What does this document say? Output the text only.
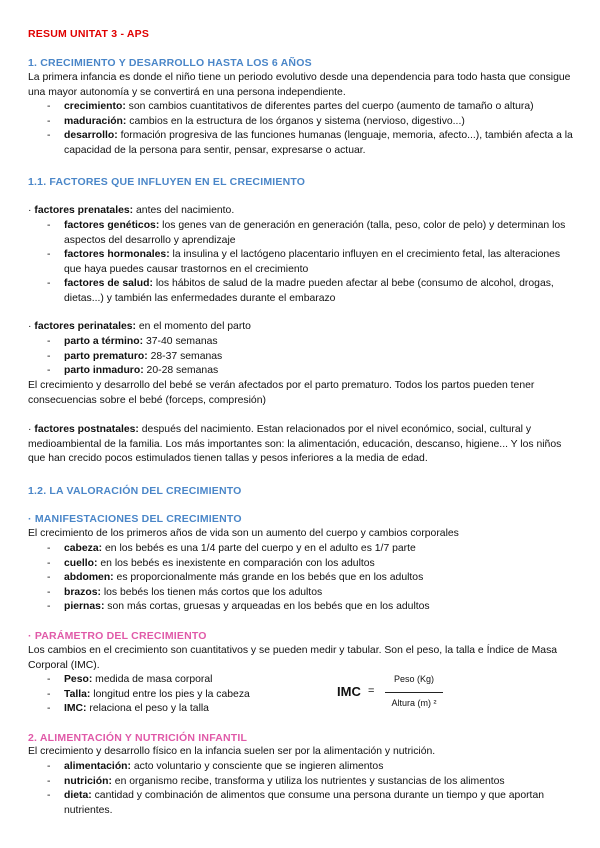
RESUM UNITAT 3 - APS
1. CRECIMIENTO Y DESARROLLO HASTA LOS 6 AÑOS
La primera infancia es donde el niño tiene un periodo evolutivo desde una dependencia para todo hasta que consigue una mayor autonomía y se convertirá en una persona independiente.
- crecimiento: son cambios cuantitativos de diferentes partes del cuerpo (aumento de tamaño o altura)
- maduración: cambios en la estructura de los órganos y sistema (nervioso, digestivo...)
- desarrollo: formación progresiva de las funciones humanas (lenguaje, memoria, afecto...), también afecta a la capacidad de la persona para sentir, pensar, expresarse o actuar.
1.1. FACTORES QUE INFLUYEN EN EL CRECIMIENTO
· factores prenatales: antes del nacimiento.
- factores genéticos: los genes van de generación en generación (talla, peso, color de pelo) y determinan los aspectos del desarrollo y aprendizaje
- factores hormonales: la insulina y el lactógeno placentario influyen en el crecimiento fetal, las alteraciones que haya puedes causar trastornos en el crecimiento
- factores de salud: los hábitos de salud de la madre pueden afectar al bebe (consumo de alcohol, drogas, dietas...) y también las enfermedades durante el embarazo
· factores perinatales: en el momento del parto
- parto a término: 37-40 semanas
- parto prematuro: 28-37 semanas
- parto inmaduro: 20-28 semanas
El crecimiento y desarrollo del bebé se verán afectados por el parto prematuro. Todos los partos pueden tener consecuencias sobre el bebé (forceps, compresión)
· factores postnatales: después del nacimiento. Estan relacionados por el nivel económico, social, cultural y medioambiental de la familia. Los más importantes son: la alimentación, educación, descanso, higiene... Y los niños que han crecido pocos estimulados tienen tallas y pesos inferiores a la media de edad.
1.2. LA VALORACIÓN DEL CRECIMIENTO
· MANIFESTACIONES DEL CRECIMIENTO
El crecimiento de los primeros años de vida son un aumento del cuerpo y cambios corporales
- cabeza: en los bebés es una 1/4 parte del cuerpo y en el adulto es 1/7 parte
- cuello: en los bebés es inexistente en comparación con los adultos
- abdomen: es proporcionalmente más grande en los bebés que en los adultos
- brazos: los bebés los tienen más cortos que los adultos
- piernas: son más cortas, gruesas y arqueadas en los bebés que en los adultos
· PARÁMETRO DEL CRECIMIENTO
Los cambios en el crecimiento son cuantitativos y se pueden medir y tabular. Son el peso, la talla e Índice de Masa Corporal (IMC).
- Peso: medida de masa corporal
- Talla: longitud entre los pies y la cabeza
- IMC: relaciona el peso y la talla
IMC =
Peso (Kg)
Altura (m) ²
2. ALIMENTACIÓN Y NUTRICIÓN INFANTIL
El crecimiento y desarrollo físico en la infancia suelen ser por la alimentación y nutrición.
- alimentación: acto voluntario y consciente que se ingieren alimentos
- nutrición: en organismo recibe, transforma y utiliza los nutrientes y sustancias de los alimentos
- dieta: cantidad y combinación de alimentos que consume una persona durante un tiempo y que aportan nutrientes.
